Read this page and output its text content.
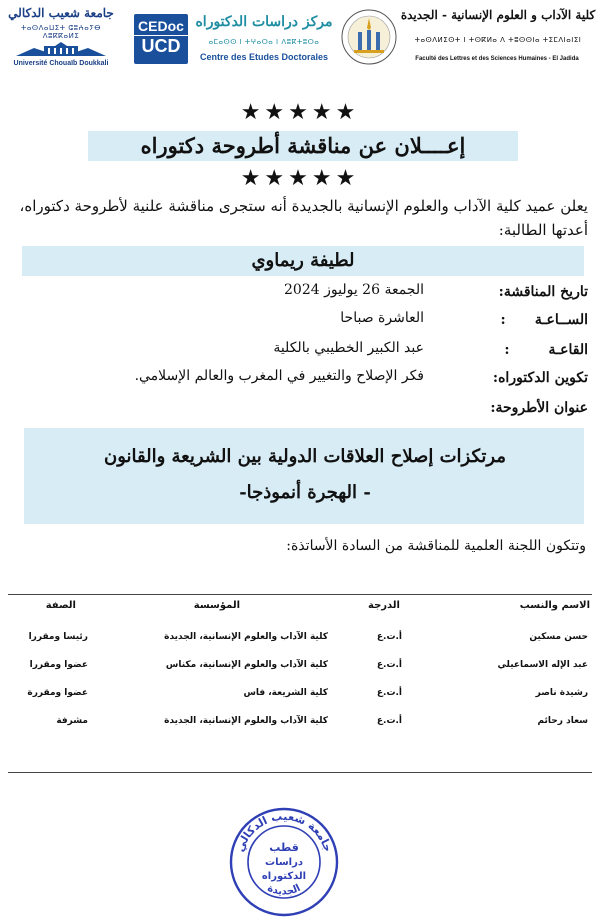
جامعة شعيب الدكالي
ⵜⴰⵙⴷⴰⵡⵉⵜ ⵛⵓⵄⴰⵢⴱ ⴷⵓⴽⴽⴰⵍⵉ
Université Chouaïb Doukkali
CEDoc
UCD
مركز دراسات الدكتوراه
ⴰⵎⴰⵙⵙ ⵏ ⵜⵖⴰⵔⴰ ⵏ ⴷⵓⴽⵜⵓⵔⴰ
Centre des Etudes Doctorales
كلية الآداب و العلوم الإنسانية - الجديدة
ⵜⴰⵙⴷⵍⵉⵙⵜ ⵏ ⵜⵙⴽⵍⴰ ⴷ ⵜⵓⵙⵙⵏⴰ ⵜⵉⵎⴷⵏⴰⵏⵉⵏ
Faculté des Lettres et des Sciences Humaines - El Jadida
★★★★★
إعــــلان عن مناقشة أطروحة دكتوراه
★★★★★
يعلن عميد كلية الآداب والعلوم الإنسانية بالجديدة أنه ستجرى مناقشة علنية لأطروحة دكتوراه، أعدتها الطالبة:
لطيفة ريماوي
تاريخ المناقشة:
الجمعة 26 يوليوز 2024
الســاعـة      :
العاشرة صباحا
القاعـة        :
عبد الكبير الخطيبي بالكلية
تكوين الدكتوراه:
فكر الإصلاح والتغيير في المغرب والعالم الإسلامي.
عنوان الأطروحة:
مرتكزات إصلاح العلاقات الدولية بين الشريعة والقانون
- الهجرة أنموذجا-
وتتكون اللجنة العلمية للمناقشة من السادة الأساتذة:
الاسم والنسب
الدرجة
المؤسسة
الصفة
حسن مسكين
أ.ت.ع
كلية الآداب والعلوم الإنسانية، الجديدة
رئيسا ومقررا
عبد الإله الاسماعيلي
أ.ت.ع
كلية الآداب والعلوم الإنسانية، مكناس
عضوا ومقررا
رشيدة ناصر
أ.ت.ع
كلية الشريعة، فاس
عضوا ومقررة
سعاد رحائم
أ.ت.ع
كلية الآداب والعلوم الإنسانية، الجديدة
مشرفة
جامعة شعيب الدكالي
الجديدة
قطب
دراسات
الدكتوراه
